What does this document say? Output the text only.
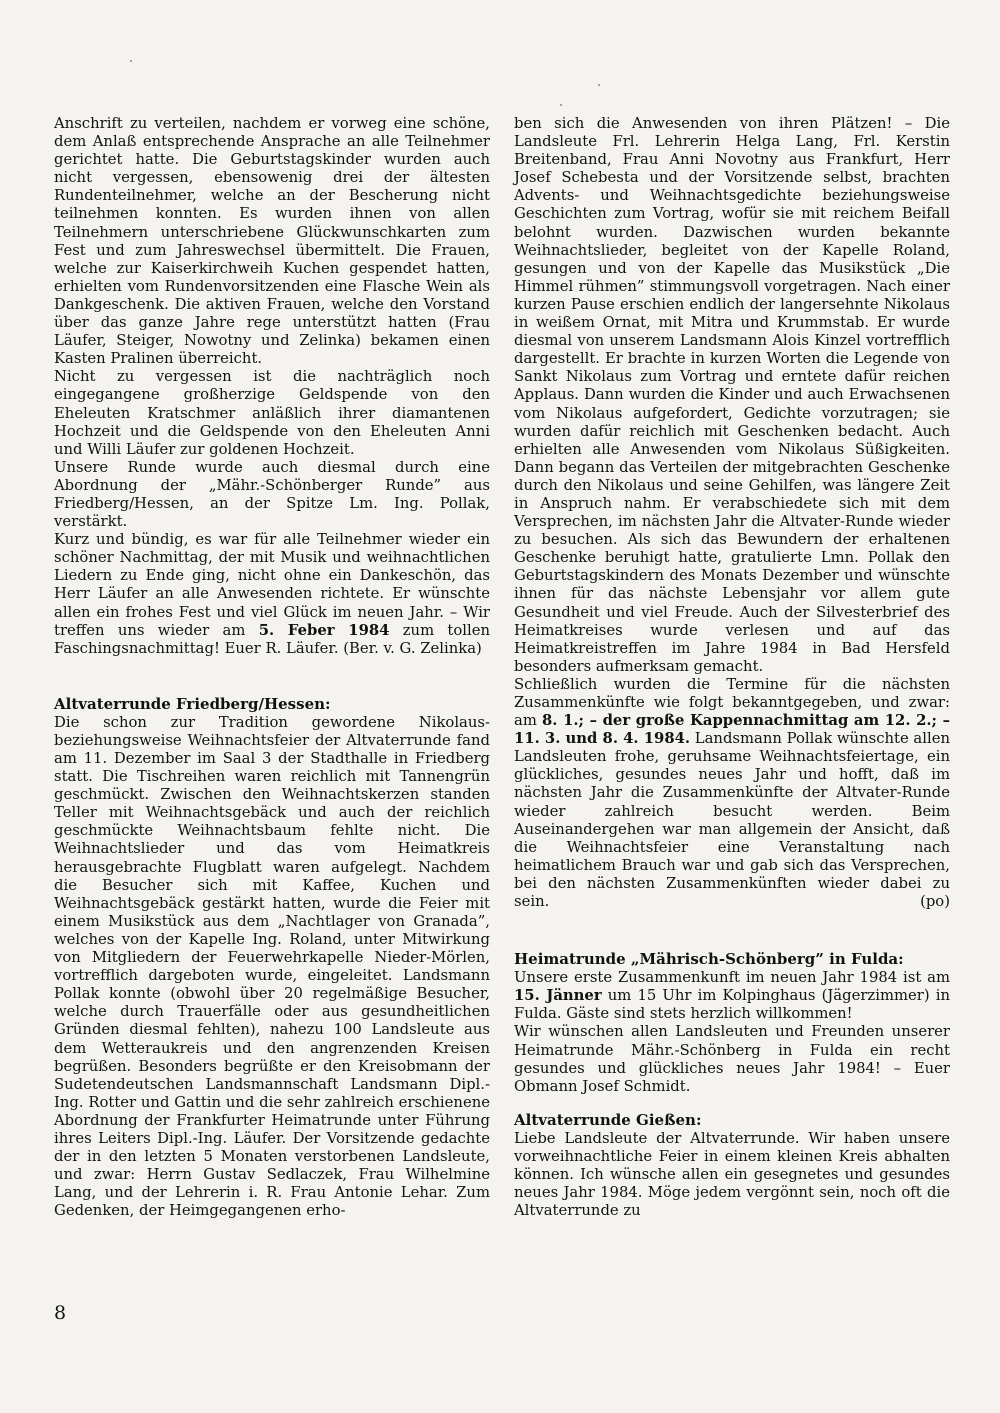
Anschrift zu verteilen, nachdem er vorweg eine schöne, dem Anlaß entsprechende Ansprache an alle Teilnehmer gerichtet hatte. Die Geburtstagskinder wurden auch nicht vergessen, ebensowenig drei der ältesten Rundenteilnehmer, welche an der Bescherung nicht teilnehmen konnten. Es wurden ihnen von allen Teilnehmern unterschriebene Glückwunschkarten zum Fest und zum Jahreswechsel übermittelt. Die Frauen, welche zur Kaiserkirchweih Kuchen gespendet hatten, erhielten vom Rundenvorsitzenden eine Flasche Wein als Dankgeschenk. Die aktiven Frauen, welche den Vorstand über das ganze Jahre rege unterstützt hatten (Frau Läufer, Steiger, Nowotny und Zelinka) bekamen einen Kasten Pralinen überreicht.

Nicht zu vergessen ist die nachträglich noch eingegangene großherzige Geldspende von den Eheleuten Kratschmer anläßlich ihrer diamantenen Hochzeit und die Geldspende von den Eheleuten Anni und Willi Läufer zur goldenen Hochzeit.

Unsere Runde wurde auch diesmal durch eine Abordnung der „Mähr.-Schönberger Runde” aus Friedberg/Hessen, an der Spitze Lm. Ing. Pollak, verstärkt.

Kurz und bündig, es war für alle Teilnehmer wieder ein schöner Nachmittag, der mit Musik und weihnachtlichen Liedern zu Ende ging, nicht ohne ein Dankeschön, das Herr Läufer an alle Anwesenden richtete. Er wünschte allen ein frohes Fest und viel Glück im neuen Jahr. – Wir treffen uns wieder am 5. Feber 1984 zum tollen Faschingsnachmittag! Euer R. Läufer. (Ber. v. G. Zelinka)

Altvaterrunde Friedberg/Hessen:

Die schon zur Tradition gewordene Nikolaus- beziehungsweise Weihnachtsfeier der Altvaterrunde fand am 11. Dezember im Saal 3 der Stadthalle in Friedberg statt. Die Tischreihen waren reichlich mit Tannengrün geschmückt. Zwischen den Weihnachtskerzen standen Teller mit Weihnachtsgebäck und auch der reichlich geschmückte Weihnachtsbaum fehlte nicht. Die Weihnachtslieder und das vom Heimatkreis herausgebrachte Flugblatt waren aufgelegt. Nachdem die Besucher sich mit Kaffee, Kuchen und Weihnachtsgebäck gestärkt hatten, wurde die Feier mit einem Musikstück aus dem „Nachtlager von Granada”, welches von der Kapelle Ing. Roland, unter Mitwirkung von Mitgliedern der Feuerwehrkapelle Nieder-Mörlen, vortrefflich dargeboten wurde, eingeleitet. Landsmann Pollak konnte (obwohl über 20 regelmäßige Besucher, welche durch Trauerfälle oder aus gesundheitlichen Gründen diesmal fehlten), nahezu 100 Landsleute aus dem Wetteraukreis und den angrenzenden Kreisen begrüßen. Besonders begrüßte er den Kreisobmann der Sudetendeutschen Landsmannschaft Landsmann Dipl.-Ing. Rotter und Gattin und die sehr zahlreich erschienene Abordnung der Frankfurter Heimatrunde unter Führung ihres Leiters Dipl.-Ing. Läufer. Der Vorsitzende gedachte der in den letzten 5 Monaten verstorbenen Landsleute, und zwar: Herrn Gustav Sedlaczek, Frau Wilhelmine Lang, und der Lehrerin i. R. Frau Antonie Lehar. Zum Gedenken, der Heimgegangenen erho-

ben sich die Anwesenden von ihren Plätzen! – Die Landsleute Frl. Lehrerin Helga Lang, Frl. Kerstin Breitenband, Frau Anni Novotny aus Frankfurt, Herr Josef Schebesta und der Vorsitzende selbst, brachten Advents- und Weihnachtsgedichte beziehungsweise Geschichten zum Vortrag, wofür sie mit reichem Beifall belohnt wurden. Dazwischen wurden bekannte Weihnachtslieder, begleitet von der Kapelle Roland, gesungen und von der Kapelle das Musikstück „Die Himmel rühmen” stimmungsvoll vorgetragen. Nach einer kurzen Pause erschien endlich der langersehnte Nikolaus in weißem Ornat, mit Mitra und Krummstab. Er wurde diesmal von unserem Landsmann Alois Kinzel vortrefflich dargestellt. Er brachte in kurzen Worten die Legende von Sankt Nikolaus zum Vortrag und erntete dafür reichen Applaus. Dann wurden die Kinder und auch Erwachsenen vom Nikolaus aufgefordert, Gedichte vorzutragen; sie wurden dafür reichlich mit Geschenken bedacht. Auch erhielten alle Anwesenden vom Nikolaus Süßigkeiten. Dann begann das Verteilen der mitgebrachten Geschenke durch den Nikolaus und seine Gehilfen, was längere Zeit in Anspruch nahm. Er verabschiedete sich mit dem Versprechen, im nächsten Jahr die Altvater-Runde wieder zu besuchen. Als sich das Bewundern der erhaltenen Geschenke beruhigt hatte, gratulierte Lmn. Pollak den Geburtstagskindern des Monats Dezember und wünschte ihnen für das nächste Lebensjahr vor allem gute Gesundheit und viel Freude. Auch der Silvesterbrief des Heimatkreises wurde verlesen und auf das Heimatkreistreffen im Jahre 1984 in Bad Hersfeld besonders aufmerksam gemacht.

Schließlich wurden die Termine für die nächsten Zusammenkünfte wie folgt bekanntgegeben, und zwar: am 8. 1.; – der große Kappennachmittag am 12. 2.; – 11. 3. und 8. 4. 1984. Landsmann Pollak wünschte allen Landsleuten frohe, geruhsame Weihnachtsfeiertage, ein glückliches, gesundes neues Jahr und hofft, daß im nächsten Jahr die Zusammenkünfte der Altvater-Runde wieder zahlreich besucht werden. Beim Auseinandergehen war man allgemein der Ansicht, daß die Weihnachtsfeier eine Veranstaltung nach heimatlichem Brauch war und gab sich das Versprechen, bei den nächsten Zusammenkünften wieder dabei zu sein.	(po)

Heimatrunde „Mährisch-Schönberg” in Fulda:

Unsere erste Zusammenkunft im neuen Jahr 1984 ist am 15. Jänner um 15 Uhr im Kolpinghaus (Jägerzimmer) in Fulda. Gäste sind stets herzlich willkommen!

Wir wünschen allen Landsleuten und Freunden unserer Heimatrunde Mähr.-Schönberg in Fulda ein recht gesundes und glückliches neues Jahr 1984! – Euer Obmann Josef Schmidt.

Altvaterrunde Gießen:

Liebe Landsleute der Altvaterrunde. Wir haben unsere vorweihnachtliche Feier in einem kleinen Kreis abhalten können. Ich wünsche allen ein gesegnetes und gesundes neues Jahr 1984. Möge jedem vergönnt sein, noch oft die Altvaterrunde zu

8
